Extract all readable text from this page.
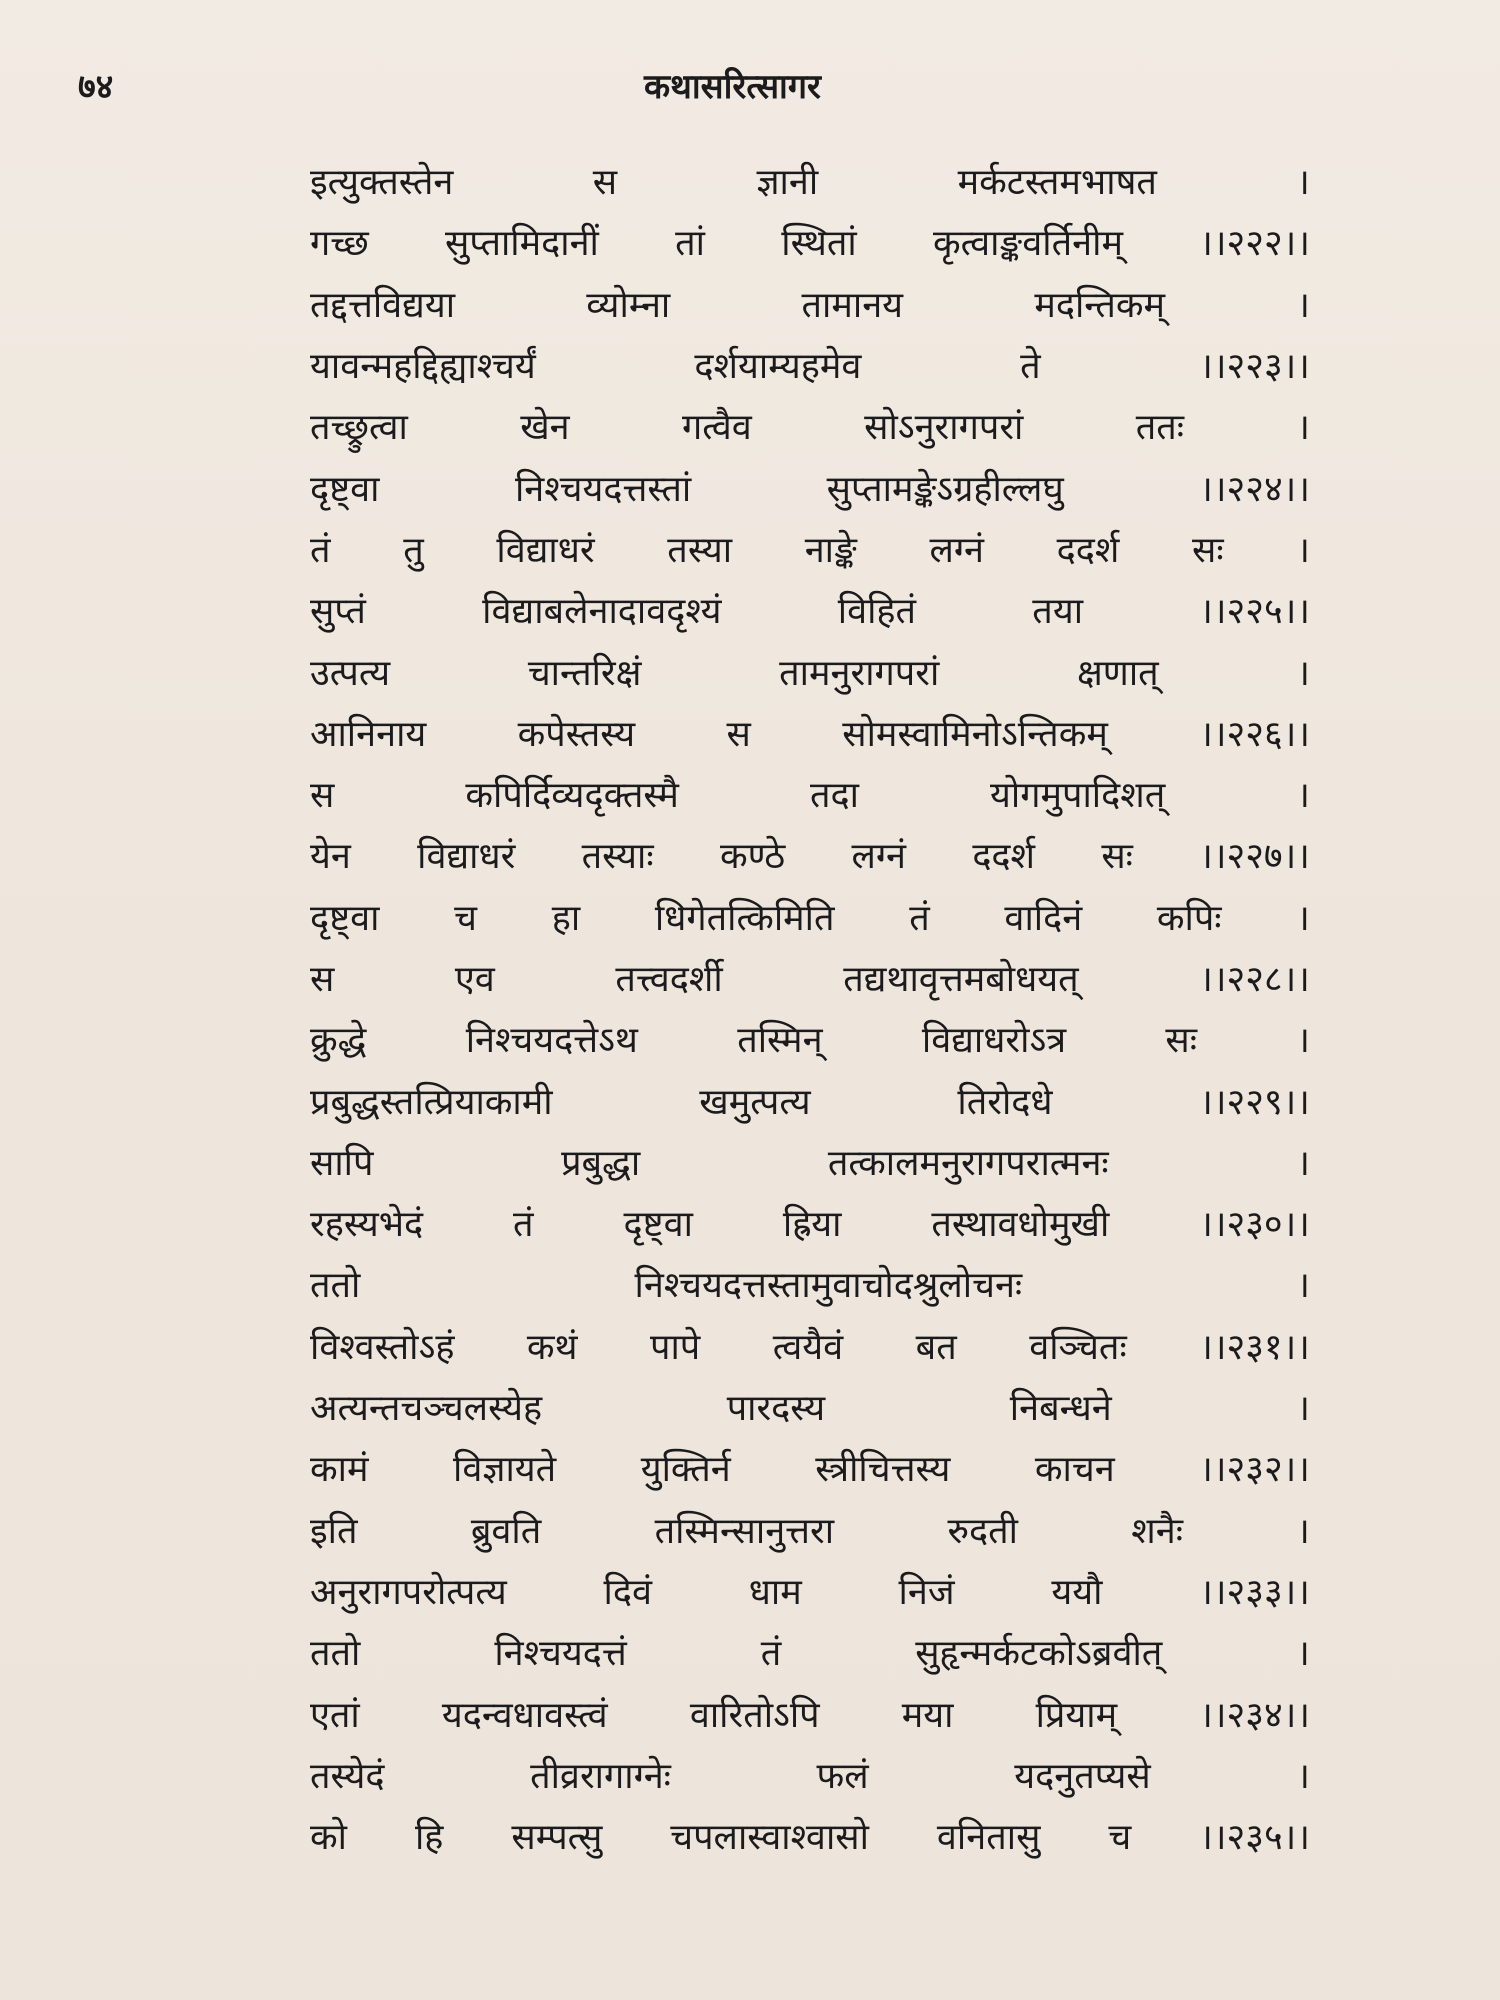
७४	कथासरित्सागर
इत्युक्तस्तेन	स	ज्ञानी	मर्कटस्तमभाषत	।
गच्छ सुप्तामिदानीं तां स्थितां कृत्वाङ्कवर्तिनीम् ।।२२२।।
तद्दत्तविद्यया	व्योम्ना	तामानय	मदन्तिकम्	।
यावन्महद्दिह्याश्चर्यं	दर्शयाम्यहमेव	ते	।।२२३।।
तच्छ्रुत्वा	खेन	गत्वैव	सोऽनुरागपरां	ततः	।
दृष्ट्वा	निश्चयदत्तस्तां	सुप्तामङ्केऽग्रहील्लघु	।।२२४।।
तं तु विद्याधरं तस्या नाङ्के लग्नं ददर्श सः ।
सुप्तं	विद्याबलेनादावदृश्यं	विहितं	तया	।।२२५।।
उत्पत्य	चान्तरिक्षं	तामनुरागपरां	क्षणात्	।
आनिनाय	कपेस्तस्य	स	सोमस्वामिनोऽन्तिकम्	।।२२६।।
स	कपिर्दिव्यदृक्तस्मै	तदा	योगमुपादिशत्	।
येन विद्याधरं तस्याः कण्ठे लग्नं ददर्श सः ।।२२७।।
दृष्ट्वा च हा धिगेतत्किमिति तं वादिनं कपिः ।
स	एव	तत्त्वदर्शी	तद्यथावृत्तमबोधयत्	।।२२८।।
क्रुद्धे	निश्चयदत्तेऽथ	तस्मिन्	विद्याधरोऽत्र	सः	।
प्रबुद्धस्तत्प्रियाकामी	खमुत्पत्य	तिरोदधे	।।२२९।।
सापि	प्रबुद्धा	तत्कालमनुरागपरात्मनः	।
रहस्यभेदं तं दृष्ट्वा ह्रिया तस्थावधोमुखी ।।२३०।।
ततो	निश्चयदत्तस्तामुवाचोदश्रुलोचनः	।
विश्वस्तोऽहं कथं पापे त्वयैवं बत वञ्चितः ।।२३१।।
अत्यन्तचञ्चलस्येह	पारदस्य	निबन्धने	।
कामं विज्ञायते युक्तिर्न स्त्रीचित्तस्य काचन ।।२३२।।
इति	ब्रुवति	तस्मिन्सानुत्तरा	रुदती	शनैः	।
अनुरागपरोत्पत्य	दिवं	धाम	निजं	ययौ	।।२३३।।
ततो	निश्चयदत्तं	तं	सुहृन्मर्कटकोऽब्रवीत्	।
एतां यदन्वधावस्त्वं वारितोऽपि मया प्रियाम् ।।२३४।।
तस्येदं	तीव्ररागाग्नेः	फलं	यदनुतप्यसे	।
को हि सम्पत्सु चपलास्वाश्वासो वनितासु च ।।२३५।।
